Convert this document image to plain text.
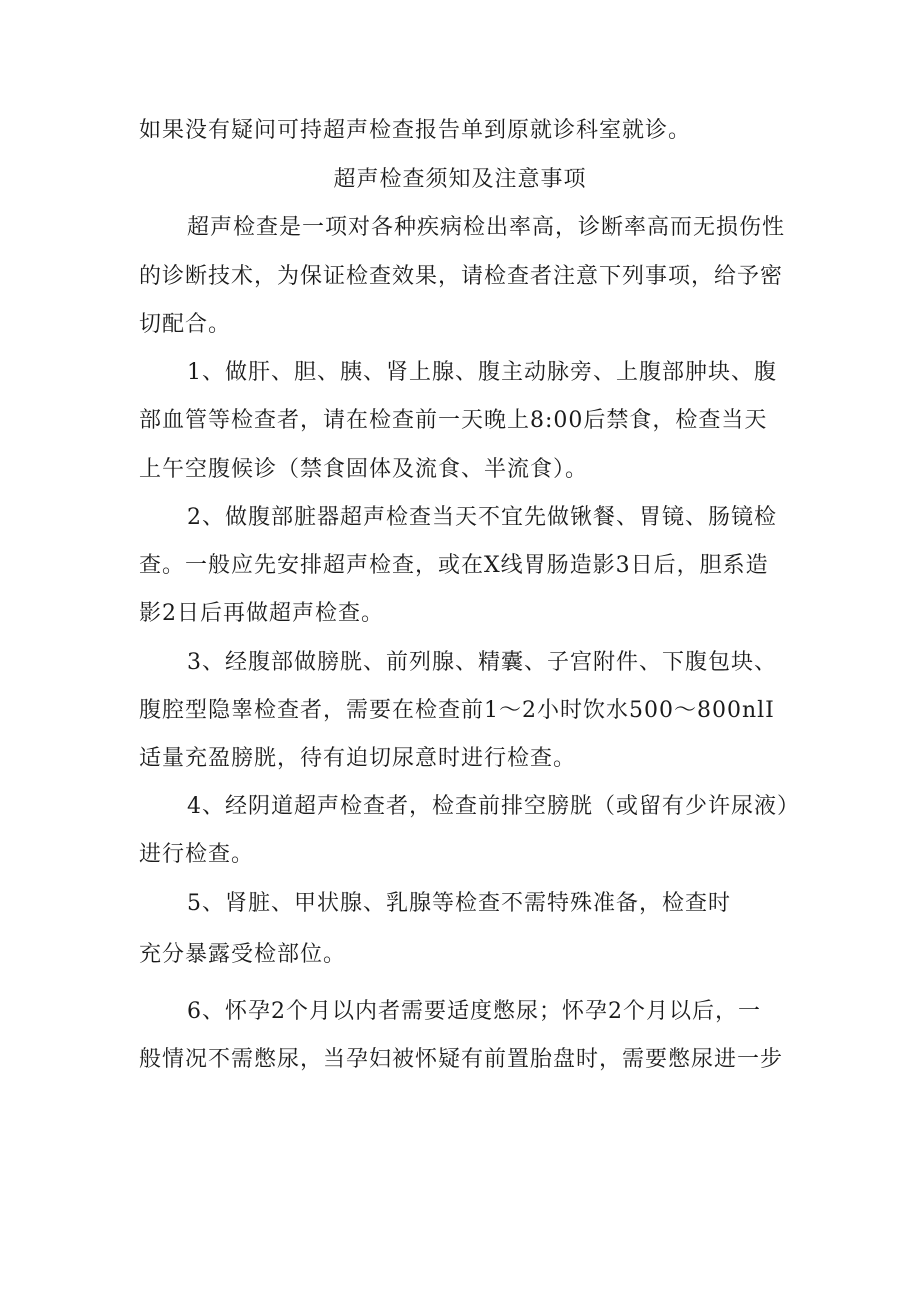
如果没有疑问可持超声检查报告单到原就诊科室就诊。
超声检查须知及注意事项
超声检查是一项对各种疾病检出率高，诊断率高而无损伤性
的诊断技术，为保证检查效果，请检查者注意下列事项，给予密
切配合。
1、做肝、胆、胰、肾上腺、腹主动脉旁、上腹部肿块、腹
部血管等检查者，请在检查前一天晚上8:00后禁食，检查当天
上午空腹候诊（禁食固体及流食、半流食）。
2、做腹部脏器超声检查当天不宜先做锹餐、胃镜、肠镜检
查。一般应先安排超声检查，或在X线胃肠造影3日后，胆系造
影2日后再做超声检查。
3、经腹部做膀胱、前列腺、精囊、子宫附件、下腹包块、
腹腔型隐睾检查者，需要在检查前1～2小时饮水500～800nlI
适量充盈膀胱，待有迫切尿意时进行检查。
4、经阴道超声检查者，检查前排空膀胱（或留有少许尿液）
进行检查。
5、肾脏、甲状腺、乳腺等检查不需特殊准备，检查时
充分暴露受检部位。
6、怀孕2个月以内者需要适度憋尿；怀孕2个月以后，一
般情况不需憋尿，当孕妇被怀疑有前置胎盘时，需要憋尿进一步
